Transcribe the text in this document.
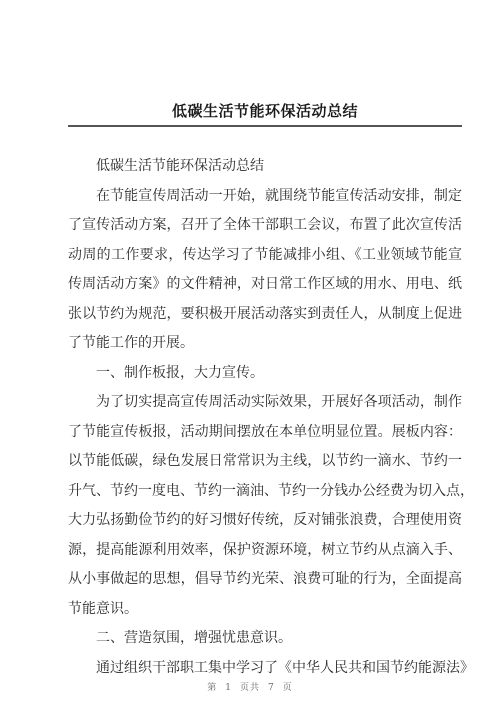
低碳生活节能环保活动总结
低碳生活节能环保活动总结
在节能宣传周活动一开始，就围绕节能宣传活动安排，制定
了宣传活动方案，召开了全体干部职工会议，布置了此次宣传活
动周的工作要求，传达学习了节能减排小组、《工业领域节能宣
传周活动方案》的文件精神，对日常工作区域的用水、用电、纸
张以节约为规范，要积极开展活动落实到责任人，从制度上促进
了节能工作的开展。
一、制作板报，大力宣传。
为了切实提高宣传周活动实际效果，开展好各项活动，制作
了节能宣传板报，活动期间摆放在本单位明显位置。展板内容：
以节能低碳，绿色发展日常常识为主线，以节约一滴水、节约一
升气、节约一度电、节约一滴油、节约一分钱办公经费为切入点，
大力弘扬勤俭节约的好习惯好传统，反对铺张浪费，合理使用资
源，提高能源利用效率，保护资源环境，树立节约从点滴入手、
从小事做起的思想，倡导节约光荣、浪费可耻的行为，全面提高
节能意识。
二、营造氛围，增强忧患意识。
通过组织干部职工集中学习了《中华人民共和国节约能源法》
第 1 页共 7 页
